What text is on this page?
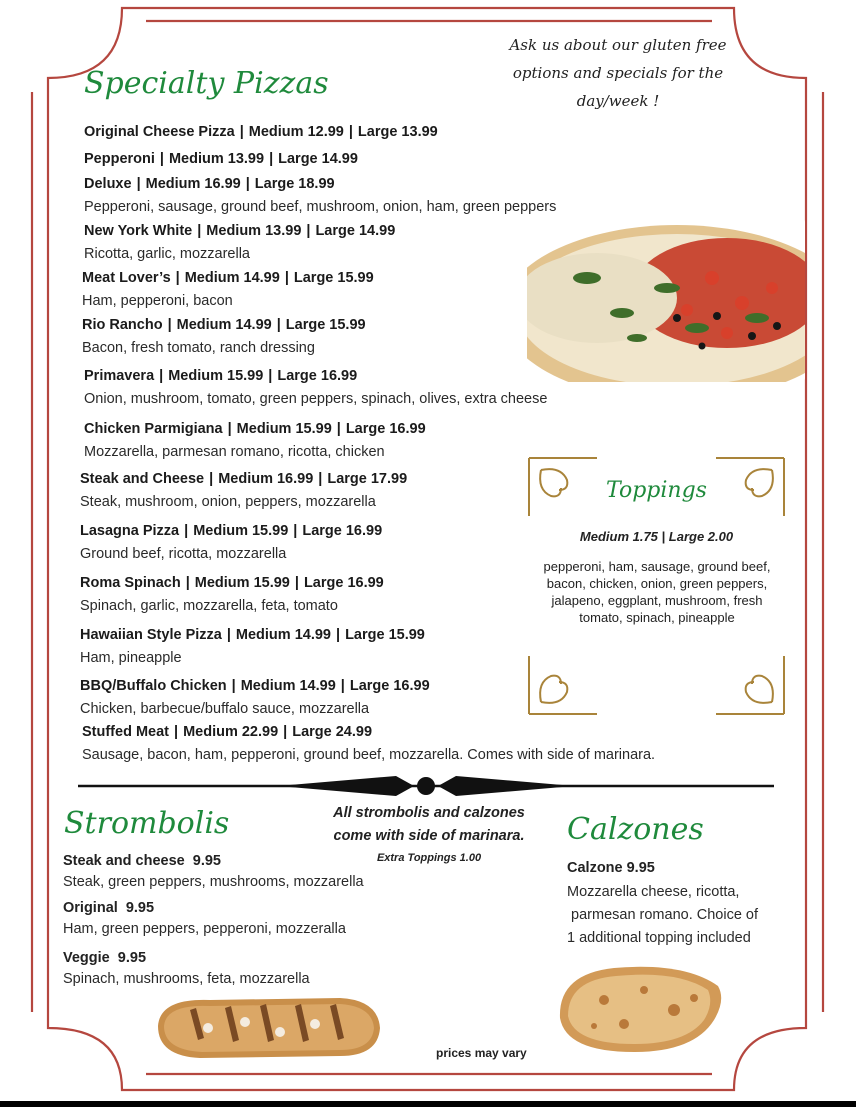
Ask us about our gluten free
options and specials for the
day/week !
Specialty Pizzas
Original Cheese Pizza | Medium 12.99 | Large 13.99
Pepperoni | Medium 13.99 | Large 14.99
Deluxe | Medium 16.99 | Large 18.99
Pepperoni, sausage, ground beef, mushroom, onion, ham, green peppers
New York White | Medium 13.99 | Large 14.99
Ricotta, garlic, mozzarella
Meat Lover’s | Medium 14.99 | Large 15.99
Ham, pepperoni, bacon
Rio Rancho | Medium 14.99 | Large 15.99
Bacon, fresh tomato, ranch dressing
Primavera | Medium 15.99 | Large 16.99
Onion, mushroom, tomato, green peppers, spinach, olives, extra cheese
Chicken Parmigiana | Medium 15.99 | Large 16.99
Mozzarella, parmesan romano, ricotta, chicken
Steak and Cheese | Medium 16.99 | Large 17.99
Steak, mushroom, onion, peppers, mozzarella
Lasagna Pizza | Medium 15.99 | Large 16.99
Ground beef, ricotta, mozzarella
Roma Spinach | Medium 15.99 | Large 16.99
Spinach, garlic, mozzarella, feta, tomato
Hawaiian Style Pizza | Medium 14.99 | Large 15.99
Ham, pineapple
BBQ/Buffalo Chicken | Medium 14.99 | Large 16.99
Chicken, barbecue/buffalo sauce, mozzarella
Stuffed Meat | Medium 22.99 | Large 24.99
Sausage, bacon, ham, pepperoni, ground beef, mozzarella. Comes with side of marinara.
Toppings
Medium 1.75 | Large 2.00
pepperoni, ham, sausage, ground beef, bacon, chicken, onion, green peppers, jalapeno, eggplant, mushroom, fresh tomato, spinach, pineapple
Strombolis
Steak and cheese  9.95
Steak, green peppers, mushrooms, mozzarella
Original  9.95
Ham, green peppers, pepperoni, mozzeralla
Veggie  9.95
Spinach, mushrooms, feta, mozzarella
All strombolis and calzones
come with side of marinara.
Extra Toppings 1.00
Calzones
Calzone 9.95
Mozzarella cheese, ricotta,
parmesan romano. Choice of
1 additional topping included
prices may vary
